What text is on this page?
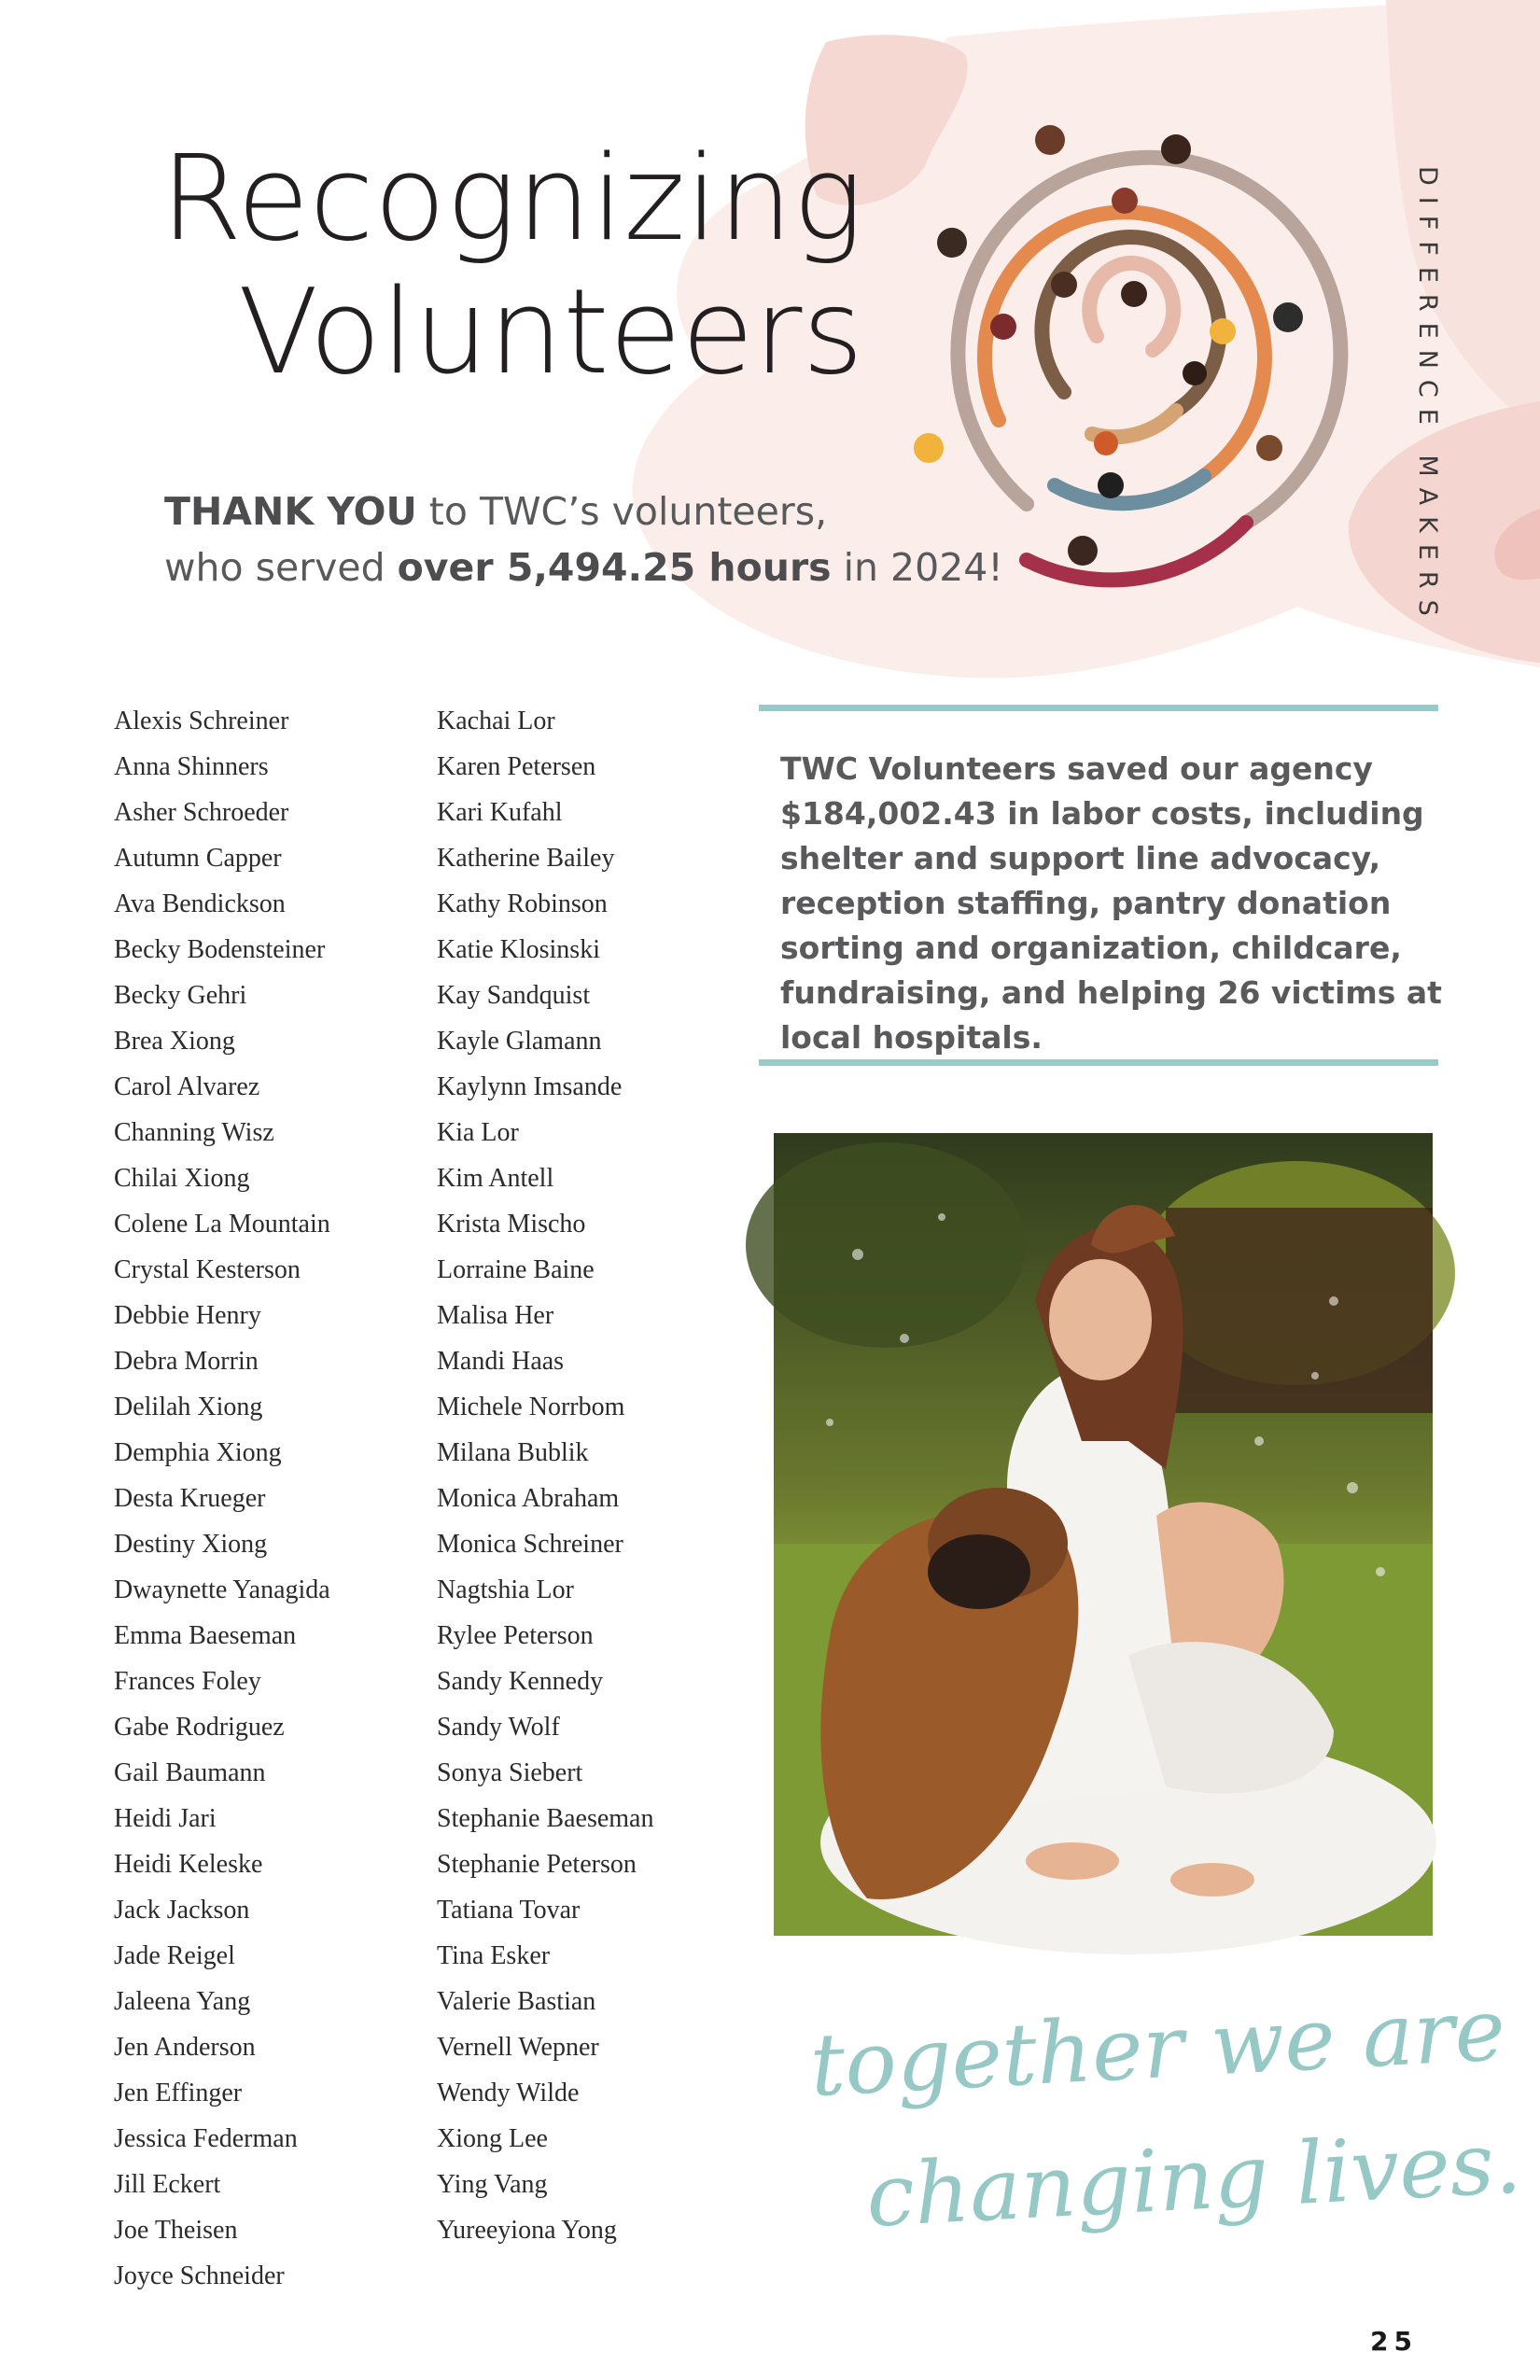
Recognizing
Volunteers	DIFFERENCE MAKERS

THANK YOU to TWC’s volunteers,
who served over 5,494.25 hours in 2024!

Alexis Schreiner
Anna Shinners
Asher Schroeder
Autumn Capper
Ava Bendickson
Becky Bodensteiner
Becky Gehri
Brea Xiong
Carol Alvarez
Channing Wisz
Chilai Xiong
Colene La Mountain
Crystal Kesterson
Debbie Henry
Debra Morrin
Delilah Xiong
Demphia Xiong
Desta Krueger
Destiny Xiong
Dwaynette Yanagida
Emma Baeseman
Frances Foley
Gabe Rodriguez
Gail Baumann
Heidi Jari
Heidi Keleske
Jack Jackson
Jade Reigel
Jaleena Yang
Jen Anderson
Jen Effinger
Jessica Federman
Jill Eckert
Joe Theisen
Joyce Schneider
Kachai Lor
Karen Petersen
Kari Kufahl
Katherine Bailey
Kathy Robinson
Katie Klosinski
Kay Sandquist
Kayle Glamann
Kaylynn Imsande
Kia Lor
Kim Antell
Krista Mischo
Lorraine Baine
Malisa Her
Mandi Haas
Michele Norrbom
Milana Bublik
Monica Abraham
Monica Schreiner
Nagtshia Lor
Rylee Peterson
Sandy Kennedy
Sandy Wolf
Sonya Siebert
Stephanie Baeseman
Stephanie Peterson
Tatiana Tovar
Tina Esker
Valerie Bastian
Vernell Wepner
Wendy Wilde
Xiong Lee
Ying Vang
Yureeyiona Yong

TWC Volunteers saved our agency $184,002.43 in labor costs, including shelter and support line advocacy, reception staffing, pantry donation sorting and organization, childcare, fundraising, and helping 26 victims at local hospitals.

together we are
changing lives.
25
